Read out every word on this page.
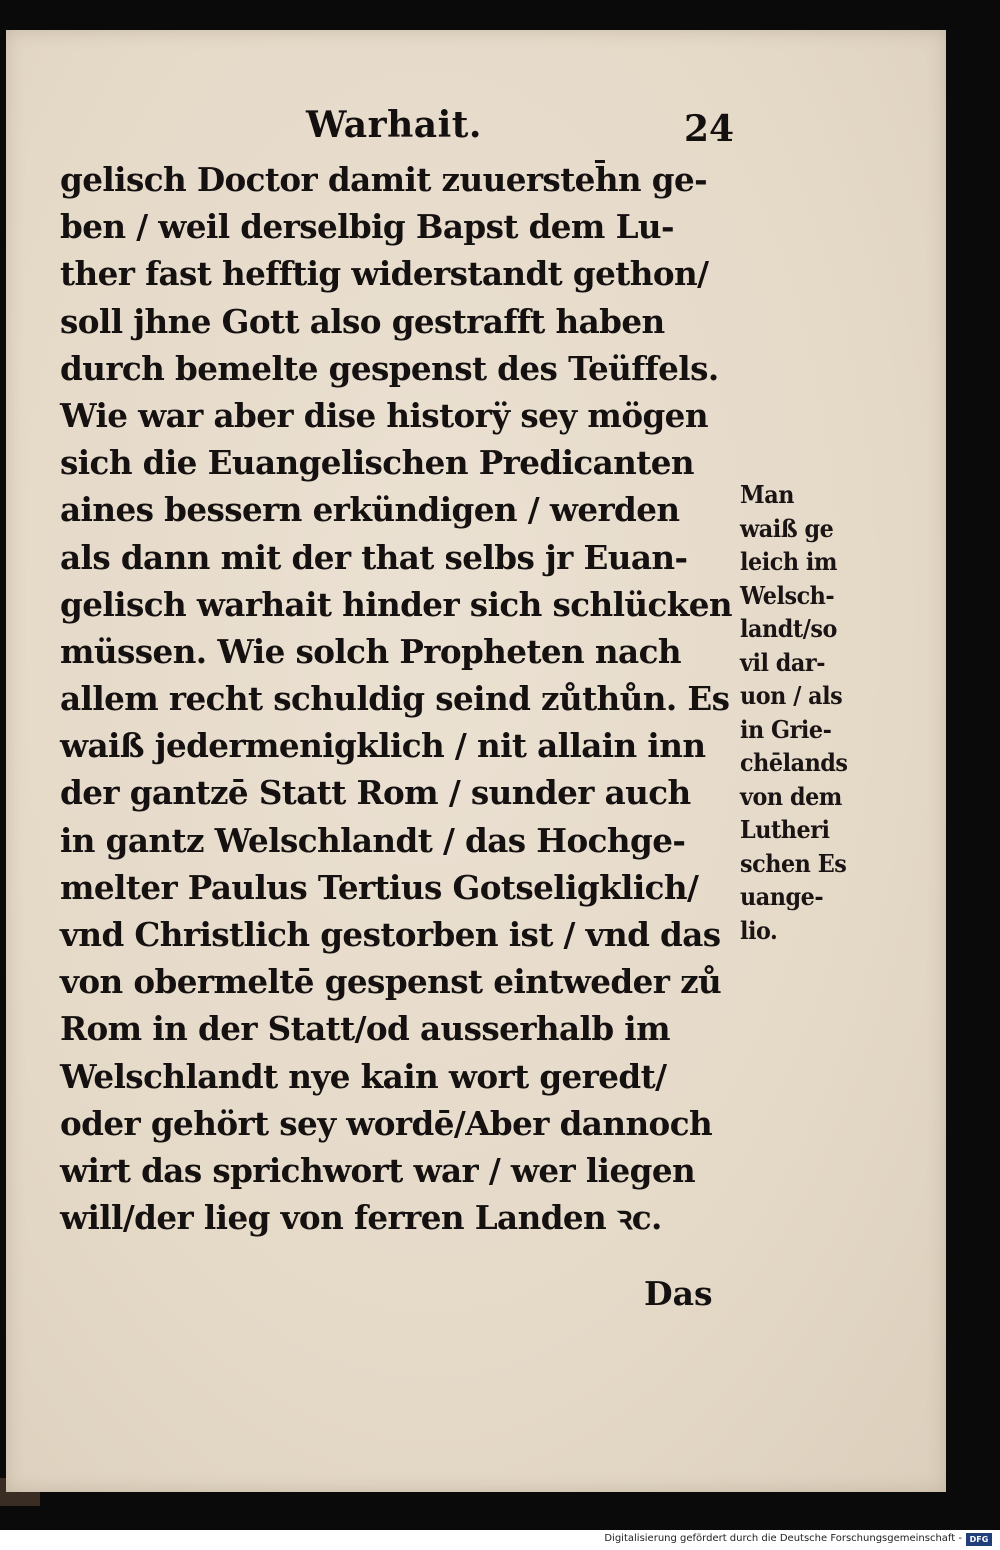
Warhait.	24
gelisch Doctor damit zuuersteh̄n ge-
ben / weil derselbig Bapst dem Lu-
ther fast hefftig widerstandt gethon/
soll jhne Gott also gestrafft haben
durch bemelte gespenst des Teüffels.
Wie war aber dise historÿ sey mögen
sich die Euangelischen Predicanten
aines bessern erkündigen / werden
als dann mit der that selbs jr Euan-
gelisch warhait hinder sich schlücken
müssen. Wie solch Propheten nach
allem recht schuldig seind zůthůn. Es
waiß jedermenigklich / nit allain inn
der gantzē Statt Rom / sunder auch
in gantz Welschlandt / das Hochge-
melter Paulus Tertius Gotseligklich/
vnd Christlich gestorben ist / vnd das
von obermeltē gespenst eintweder zů
Rom in der Statt/od ausserhalb im
Welschlandt nye kain wort geredt/
oder gehört sey wordē/Aber dannoch
wirt das sprichwort war / wer liegen
will/der lieg von ferren Landen ꝛc.
Das
Man
waiß ge
leich im
Welsch-
landt/so
vil dar-
uon / als
in Grie-
chēlands
von dem
Lutheri
schen Es
uange-
lio.
Digitalisierung gefördert durch die Deutsche Forschungsgemeinschaft - DFG
